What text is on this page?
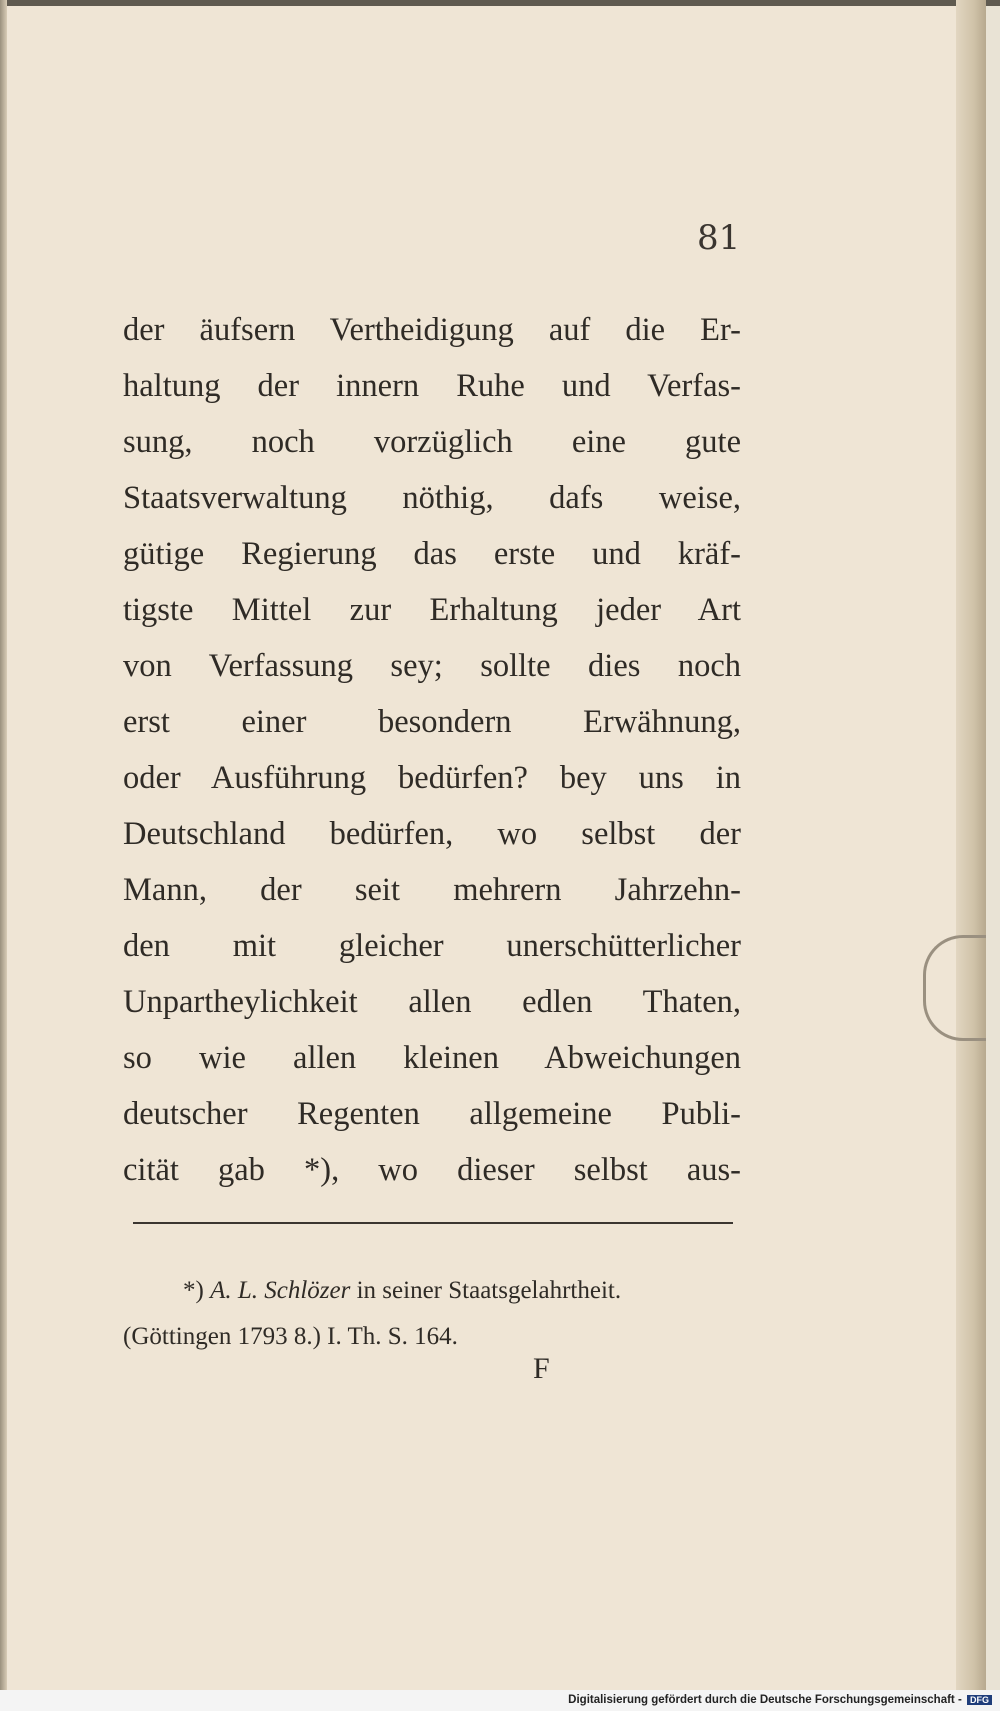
81
der äufsern Vertheidigung auf die Er-
haltung der innern Ruhe und Verfas-
sung, noch vorzüglich eine gute
Staatsverwaltung nöthig, dafs weise,
gütige Regierung das erste und kräf-
tigste Mittel zur Erhaltung jeder Art
von Verfassung sey; sollte dies noch
erst einer besondern Erwähnung,
oder Ausführung bedürfen? bey uns in
Deutschland bedürfen, wo selbst der
Mann, der seit mehrern Jahrzehn-
den mit gleicher unerschütterlicher
Unpartheylichkeit allen edlen Thaten,
so wie allen kleinen Abweichungen
deutscher Regenten allgemeine Publi-
cität gab *), wo dieser selbst aus-
*) A. L. Schlözer in seiner Staatsgelahrtheit.
(Göttingen 1793 8.) I. Th. S. 164.
F
Digitalisierung gefördert durch die Deutsche Forschungsgemeinschaft - DFG
